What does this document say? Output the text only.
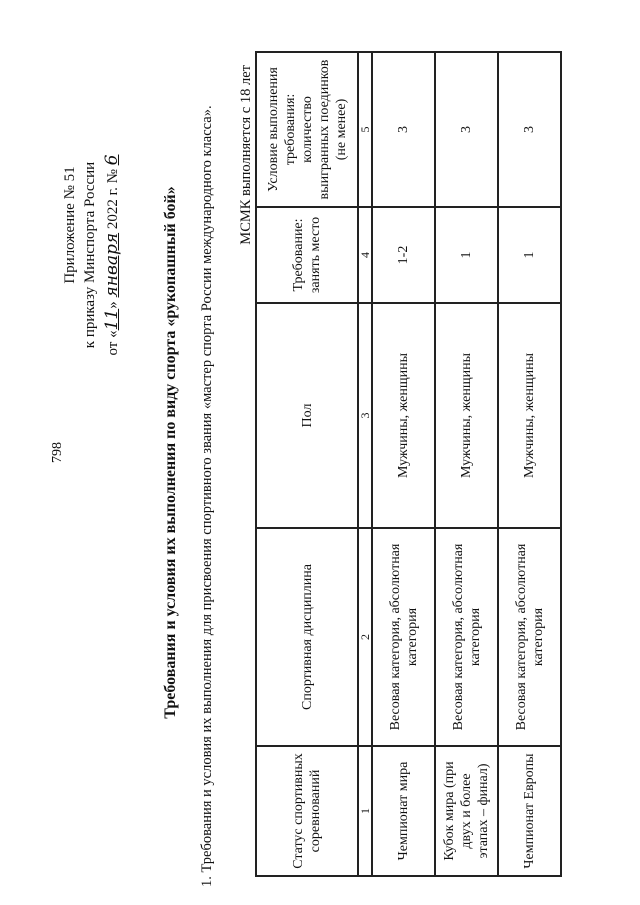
798
Приложение № 51 к приказу Минспорта России от «11» января 2022 г. № 6
Требования и условия их выполнения по виду спорта «рукопашный бой» 1. Требования и условия их выполнения для присвоения спортивного звания «мастер спорта России международного класса». МСМК выполняется с 18 лет
Статус спортивных соревнований	Спортивная дисциплина	Пол	Требование: занять место	Условие выполнения требования: количество выигранных поединков (не менее)
1	2	3	4	5
Чемпионат мира	Весовая категория, абсолютная категория	Мужчины, женщины	1-2	3
Кубок мира (при двух и более этапах – финал)	Весовая категория, абсолютная категория	Мужчины, женщины	1	3
Чемпионат Европы	Весовая категория, абсолютная категория	Мужчины, женщины	1	3
